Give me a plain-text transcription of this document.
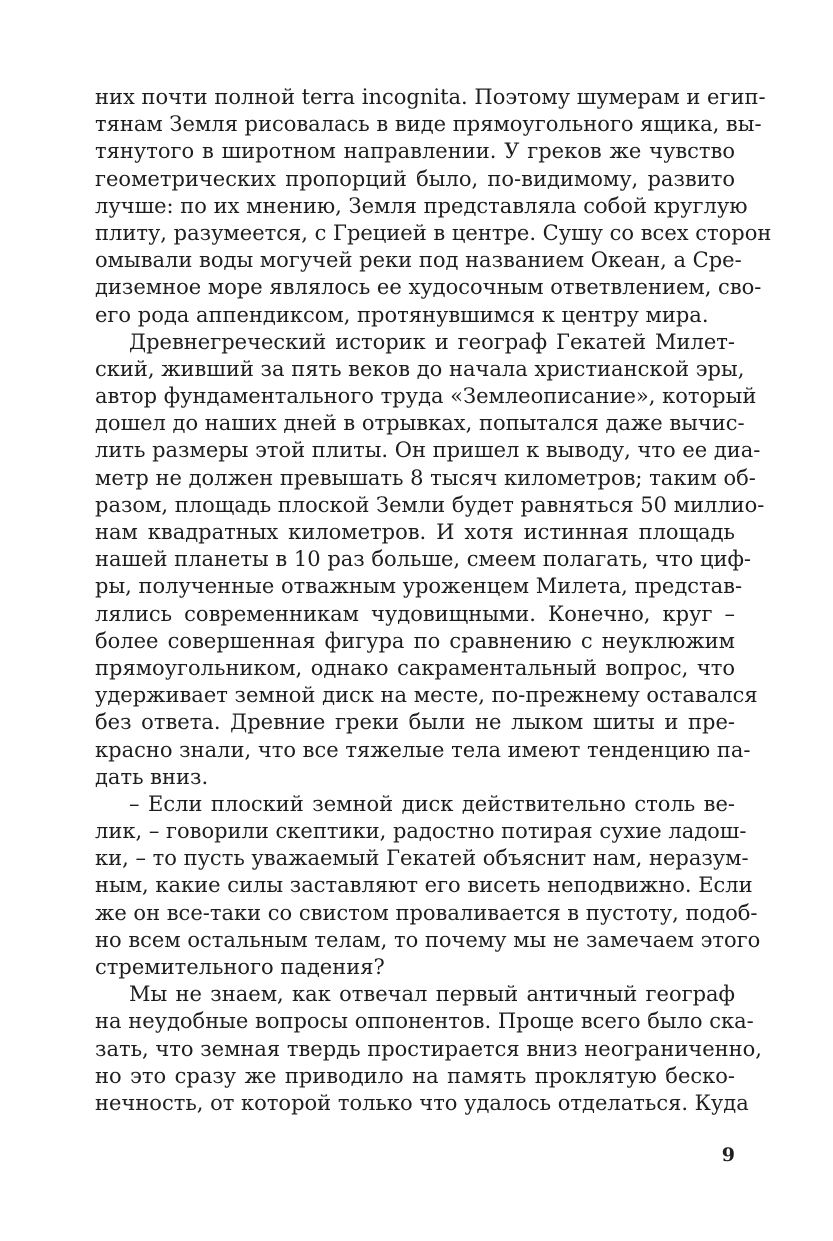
них почти полной terra incognita. Поэтому шумерам и егип-
тянам Земля рисовалась в виде прямоугольного ящика, вы-
тянутого в широтном направлении. У греков же чувство
геометрических пропорций было, по-видимому, развито
лучше: по их мнению, Земля представляла собой круглую
плиту, разумеется, с Грецией в центре. Сушу со всех сторон
омывали воды могучей реки под названием Океан, а Сре-
диземное море являлось ее худосочным ответвлением, сво-
его рода аппендиксом, протянувшимся к центру мира.
Древнегреческий историк и географ Гекатей Милет-
ский, живший за пять веков до начала христианской эры,
автор фундаментального труда «Землеописание», который
дошел до наших дней в отрывках, попытался даже вычис-
лить размеры этой плиты. Он пришел к выводу, что ее диа-
метр не должен превышать 8 тысяч километров; таким об-
разом, площадь плоской Земли будет равняться 50 миллио-
нам квадратных километров. И хотя истинная площадь
нашей планеты в 10 раз больше, смеем полагать, что циф-
ры, полученные отважным уроженцем Милета, представ-
лялись современникам чудовищными. Конечно, круг –
более совершенная фигура по сравнению с неуклюжим
прямоугольником, однако сакраментальный вопрос, что
удерживает земной диск на месте, по-прежнему оставался
без ответа. Древние греки были не лыком шиты и пре-
красно знали, что все тяжелые тела имеют тенденцию па-
дать вниз.
– Если плоский земной диск действительно столь ве-
лик, – говорили скептики, радостно потирая сухие ладош-
ки, – то пусть уважаемый Гекатей объяснит нам, неразум-
ным, какие силы заставляют его висеть неподвижно. Если
же он все-таки со свистом проваливается в пустоту, подоб-
но всем остальным телам, то почему мы не замечаем этого
стремительного падения?
Мы не знаем, как отвечал первый античный географ
на неудобные вопросы оппонентов. Проще всего было ска-
зать, что земная твердь простирается вниз неограниченно,
но это сразу же приводило на память проклятую беско-
нечность, от которой только что удалось отделаться. Куда
9
